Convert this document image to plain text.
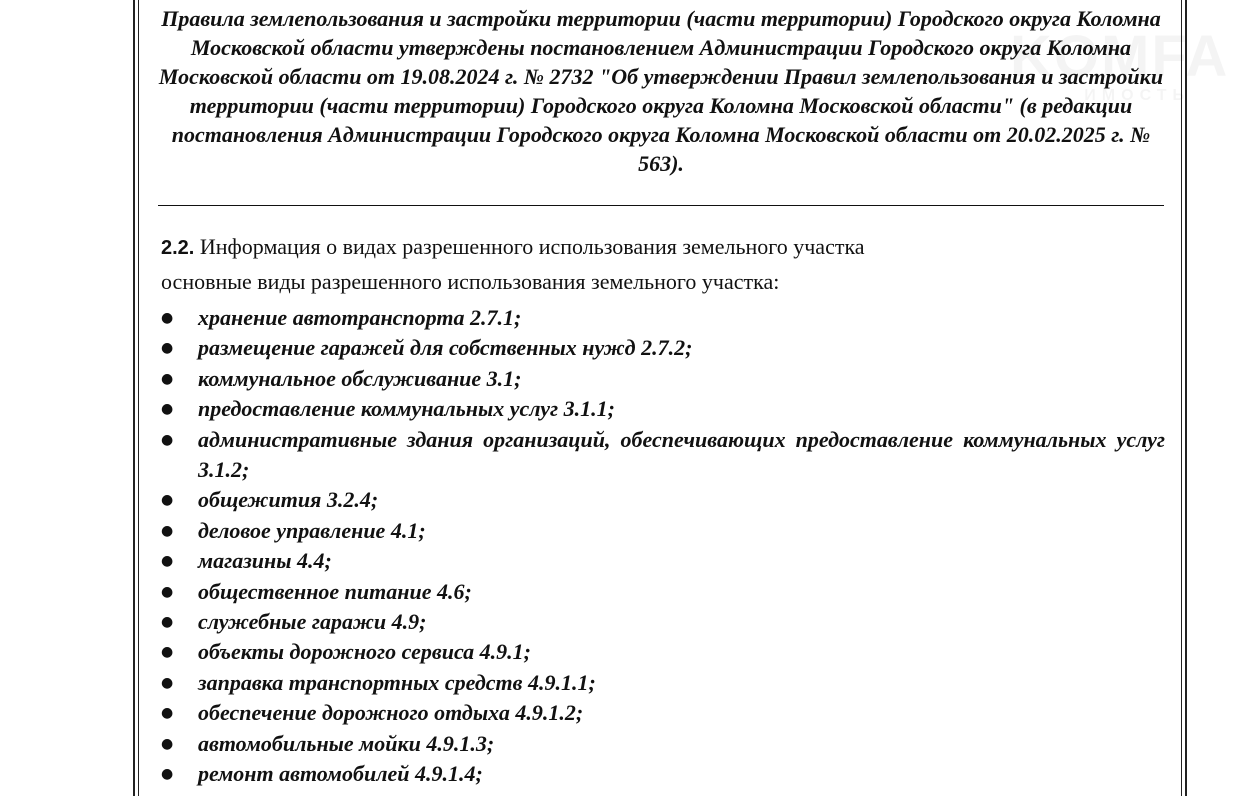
Правила землепользования и застройки территории (части территории) Городского округа Коломна Московской области утверждены постановлением Администрации Городского округа Коломна Московской области от 19.08.2024 г. № 2732 "Об утверждении Правил землепользования и застройки территории (части территории) Городского округа Коломна Московской области" (в редакции постановления Администрации Городского округа Коломна Московской области от 20.02.2025 г. № 563).

2.2. Информация о видах разрешенного использования земельного участка

основные виды разрешенного использования земельного участка:

● хранение автотранспорта 2.7.1;
● размещение гаражей для собственных нужд 2.7.2;
● коммунальное обслуживание 3.1;
● предоставление коммунальных услуг 3.1.1;
● административные здания организаций, обеспечивающих предоставление коммунальных услуг 3.1.2;
● общежития 3.2.4;
● деловое управление 4.1;
● магазины 4.4;
● общественное питание 4.6;
● служебные гаражи 4.9;
● объекты дорожного сервиса 4.9.1;
● заправка транспортных средств 4.9.1.1;
● обеспечение дорожного отдыха 4.9.1.2;
● автомобильные мойки 4.9.1.3;
● ремонт автомобилей 4.9.1.4;
